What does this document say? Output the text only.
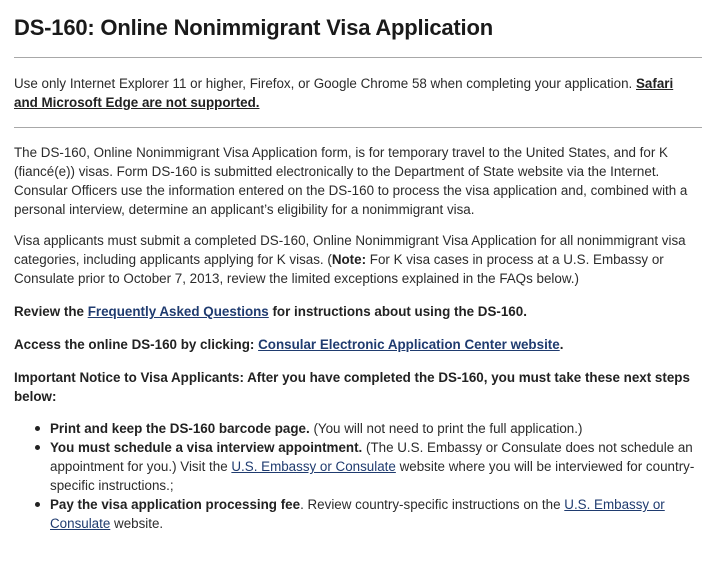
DS-160: Online Nonimmigrant Visa Application

Use only Internet Explorer 11 or higher, Firefox, or Google Chrome 58 when completing your application. Safari and Microsoft Edge are not supported.

The DS-160, Online Nonimmigrant Visa Application form, is for temporary travel to the United States, and for K (fiancé(e)) visas. Form DS-160 is submitted electronically to the Department of State website via the Internet. Consular Officers use the information entered on the DS-160 to process the visa application and, combined with a personal interview, determine an applicant’s eligibility for a nonimmigrant visa.

Visa applicants must submit a completed DS-160, Online Nonimmigrant Visa Application for all nonimmigrant visa categories, including applicants applying for K visas. (Note: For K visa cases in process at a U.S. Embassy or Consulate prior to October 7, 2013, review the limited exceptions explained in the FAQs below.)

Review the Frequently Asked Questions for instructions about using the DS-160.

Access the online DS-160 by clicking: Consular Electronic Application Center website.

Important Notice to Visa Applicants: After you have completed the DS-160, you must take these next steps below:

Print and keep the DS-160 barcode page. (You will not need to print the full application.)
You must schedule a visa interview appointment. (The U.S. Embassy or Consulate does not schedule an appointment for you.) Visit the U.S. Embassy or Consulate website where you will be interviewed for country-specific instructions.;
Pay the visa application processing fee. Review country-specific instructions on the U.S. Embassy or Consulate website.
